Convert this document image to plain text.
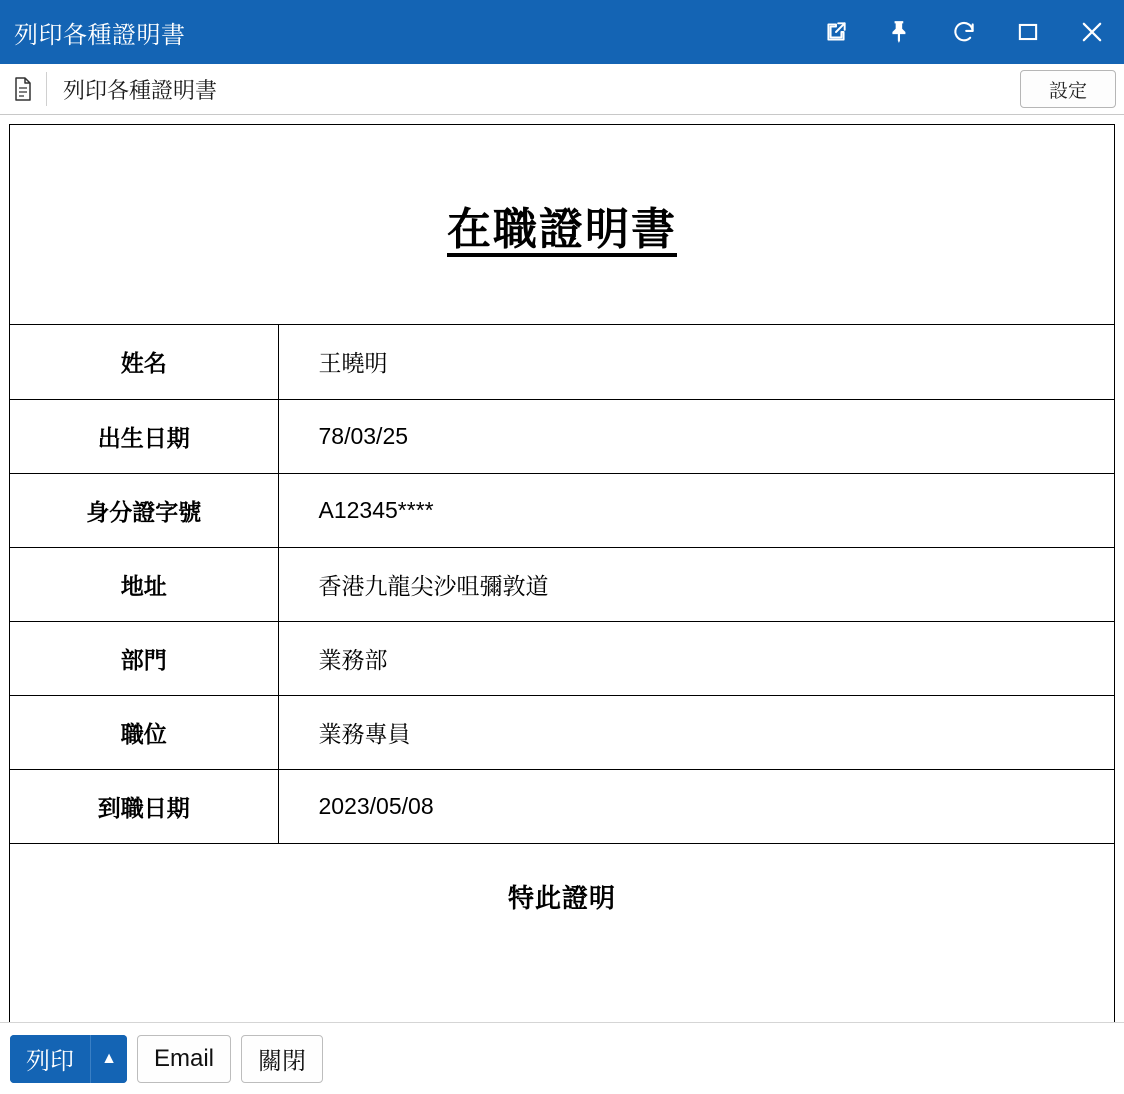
列印各種證明書
列印各種證明書	設定
在職證明書
姓名	王曉明
出生日期	78/03/25
身分證字號	A12345****
地址	香港九龍尖沙咀彌敦道
部門	業務部
職位	業務專員
到職日期	2023/05/08
特此證明
列印	▲	Email	關閉
